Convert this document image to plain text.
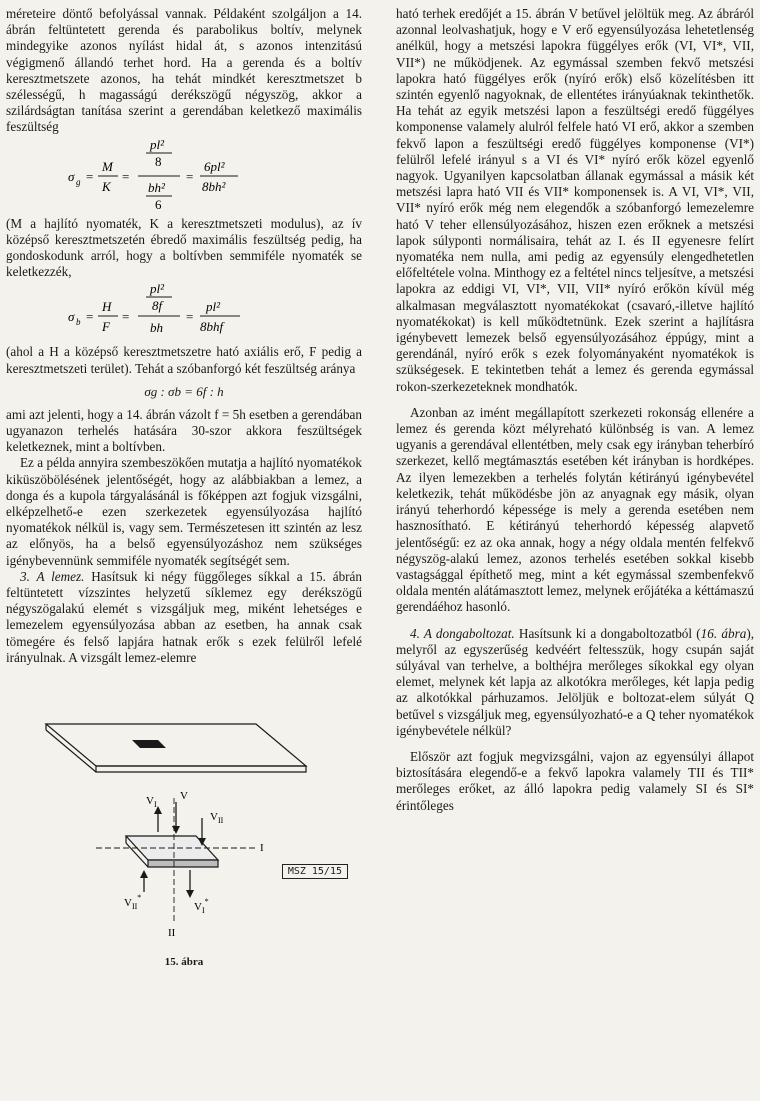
méreteire döntő befolyással vannak. Példaként szolgáljon a 14. ábrán feltüntetett gerenda és parabolikus boltív, melynek mindegyike azonos nyílást hidal át, s azonos intenzitású végigmenő állandó terhet hord. Ha a gerenda és a boltív keresztmetszete azonos, ha tehát mindkét keresztmetszet b szélességű, h magasságú derékszögű négyszög, akkor a szilárdságtan tanítása szerint a gerendában keletkező maximális feszültség

σ g =
M
K
=
pl²
8
bh²
6
=
6pl²
8bh²

(M a hajlító nyomaték, K a keresztmetszeti modulus), az ív középső keresztmetszetén ébredő maximális feszültség pedig, ha gondoskodunk arról, hogy a boltívben semmiféle nyomaték se keletkezzék,

σ b =
H
F
=
pl²
8f
bh
=
pl²
8bhf

(ahol a H a középső keresztmetszetre ható axiális erő, F pedig a keresztmetszeti terület). Tehát a szóbanforgó két feszültség aránya

σg : σb = 6f : h

ami azt jelenti, hogy a 14. ábrán vázolt f = 5h esetben a gerendában ugyanazon terhelés hatására 30-szor akkora feszültségek keletkeznek, mint a boltívben.

Ez a példa annyira szembeszökően mutatja a hajlító nyomatékok kiküszöbölésének jelentőségét, hogy az alábbiakban a lemez, a donga és a kupola tárgyalásánál is főképpen azt fogjuk vizsgálni, elképzelhető-e ezen szerkezetek egyensúlyozása hajlító nyomatékok nélkül is, vagy sem. Természetesen itt szintén az lesz az előnyös, ha a belső egyensúlyozáshoz nem szükséges igénybevennünk semmiféle nyomaték segítségét sem.

3. A lemez. Hasítsuk ki négy függőleges síkkal a 15. ábrán feltüntetett vízszintes helyzetű síklemez egy derékszögű négyszögalakú elemét s vizsgáljuk meg, miként lehetséges e lemezelem egyensúlyozása abban az esetben, ha annak csak tömegére és felső lapjára hatnak erők s ezek felülről lefelé irányulnak. A vizsgált lemez-elemre

$V_I$
V
$V_{II}$
$V_{II}^*$
$V_I^*$
I
II
MSZ 15/15
15. ábra

ható terhek eredőjét a 15. ábrán V betűvel jelöltük meg. Az ábráról azonnal leolvashatjuk, hogy e V erő egyensúlyozása lehetetlenség anélkül, hogy a metszési lapokra függélyes erők (VI, VI*, VII, VII*) ne működjenek. Az egymással szemben fekvő metszési lapokra ható függélyes erők (nyíró erők) első közelítésben itt szintén egyenlő nagyoknak, de ellentétes irányúaknak tekinthetők. Ha tehát az egyik metszési lapon a feszültségi eredő függélyes komponense valamely alulról felfele ható VI erő, akkor a szemben fekvő lapon a feszültségi eredő függélyes komponense (VI*) felülről lefelé irányul s a VI és VI* nyíró erők közel egyenlő nagyok. Ugyanilyen kapcsolatban állanak egymással a másik két metszési lapra ható VII és VII* komponensek is. A VI, VI*, VII, VII* nyíró erők még nem elegendők a szóbanforgó lemezelemre ható V teher ellensúlyozásához, hiszen ezen erőknek a metszési lapok súlyponti normálisaira, tehát az I. és II egyenesre felírt nyomatéka nem nulla, ami pedig az egyensúly elengedhetetlen előfeltétele volna. Minthogy ez a feltétel nincs teljesítve, a metszési lapokra az eddigi VI, VI*, VII, VII* nyíró erőkön kívül még alkalmasan megválasztott nyomatékokat (csavaró,-illetve hajlító nyomatékokat) is kell működtetnünk. Ezek szerint a hajlításra igénybevett lemezek belső egyensúlyozásához éppúgy, mint a gerendánál, nyíró erők s ezek folyományaként nyomatékok is szükségesek. E tekintetben tehát a lemez és gerenda egymással rokon-szerkezeteknek mondhatók.

Azonban az imént megállapított szerkezeti rokonság ellenére a lemez és gerenda közt mélyreható különbség is van. A lemez ugyanis a gerendával ellentétben, mely csak egy irányban teherbíró szerkezet, kellő megtámasztás esetében két irányban is hordképes. Az ilyen lemezekben a terhelés folytán kétirányú igénybevétel keletkezik, tehát működésbe jön az anyagnak egy másik, olyan irányú teherhordó képessége is mely a gerenda esetében nem hasznosítható. E kétirányú teherhordó képesség alapvető jelentőségű: ez az oka annak, hogy a négy oldala mentén felfekvő négyszög-alakú lemez, azonos terhelés esetében sokkal kisebb vastagsággal építhető meg, mint a két egymással szembenfekvő oldala mentén alátámasztott lemez, melynek erőjátéka a kéttámaszú gerendáéhoz hasonló.

4. A dongaboltozat. Hasítsunk ki a dongaboltozatból (16. ábra), melyről az egyszerűség kedvéért feltesszük, hogy csupán saját súlyával van terhelve, a bolthéjra merőleges síkokkal egy olyan elemet, melynek két lapja az alkotókra merőleges, két lapja pedig az alkotókkal párhuzamos. Jelöljük e boltozat-elem súlyát Q betűvel s vizsgáljuk meg, egyensúlyozható-e a Q teher nyomatékok igénybevétele nélkül?

Először azt fogjuk megvizsgálni, vajon az egyensúlyi állapot biztosítására elegendő-e a fekvő lapokra valamely TII és TII* merőleges erőket, az álló lapokra pedig valamely SI és SI* érintőleges
